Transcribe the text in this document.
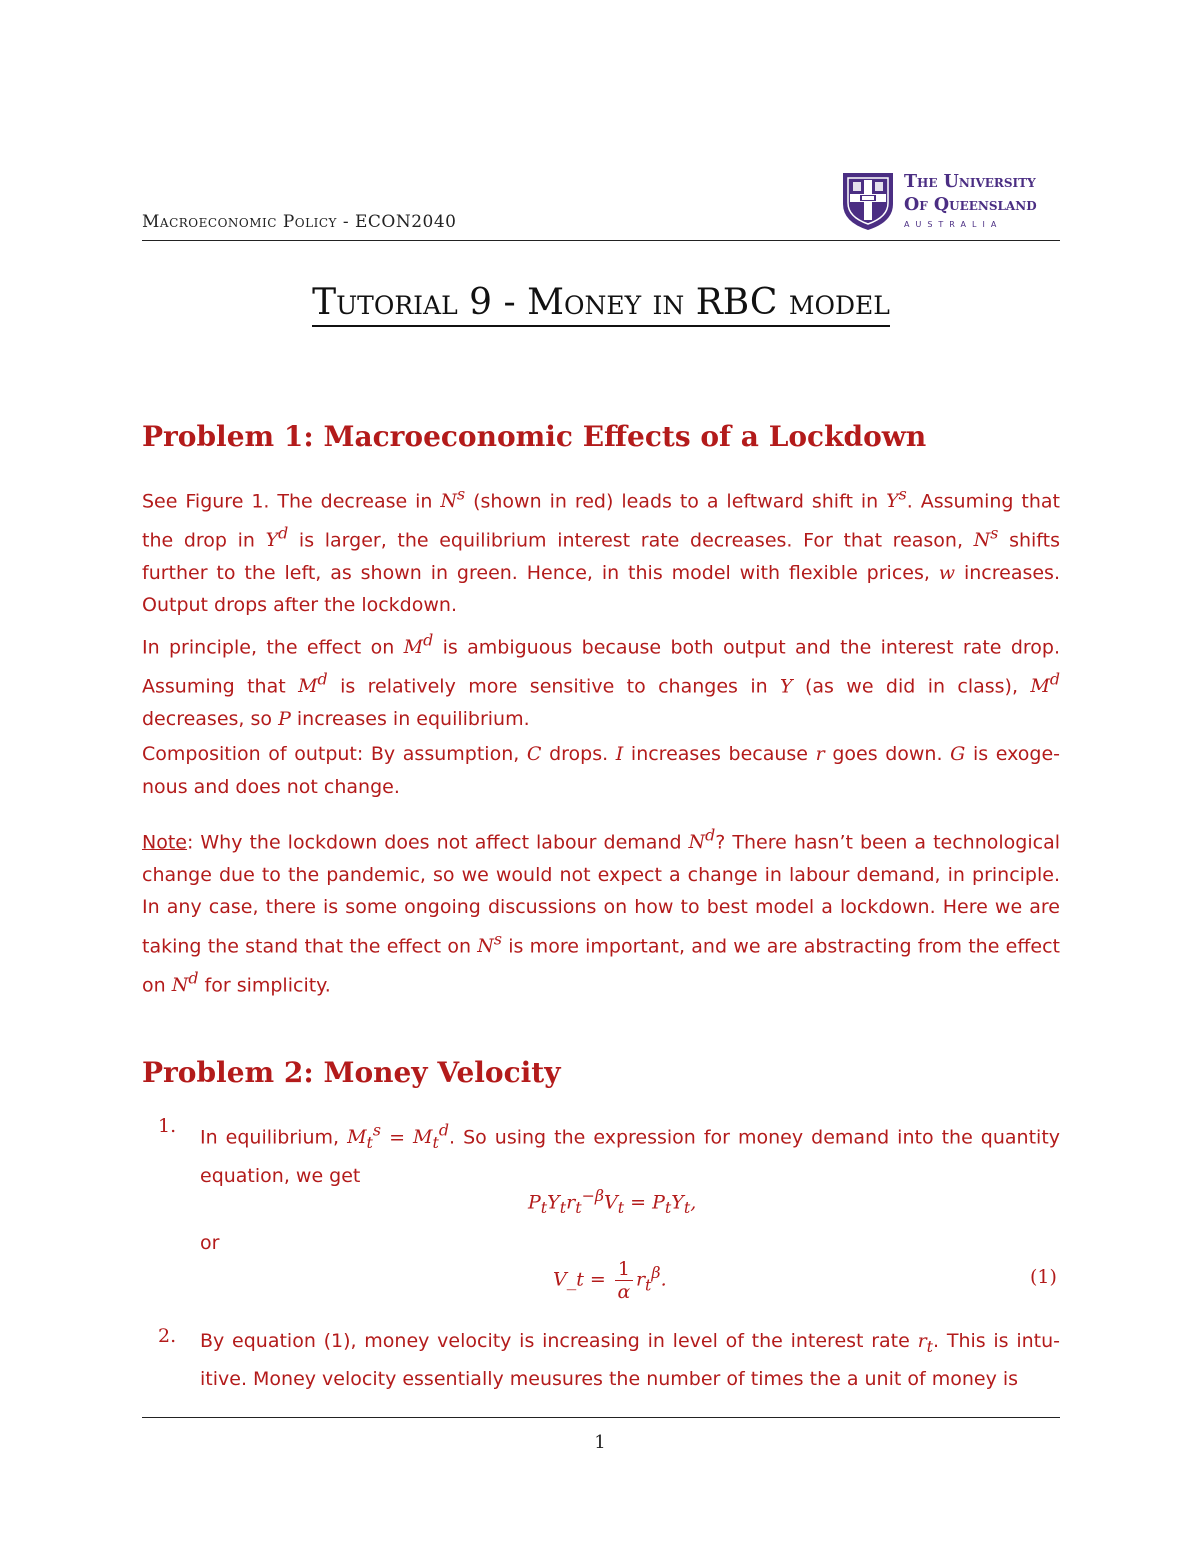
Macroeconomic Policy - ECON2040
The University
Of Queensland
AUSTRALIA
Tutorial 9 - Money in RBC model
Problem 1: Macroeconomic Effects of a Lockdown
See Figure 1. The decrease in $N^s$ (shown in red) leads to a leftward shift in $Y^s$. Assuming that the drop in $Y^d$ is larger, the equilibrium interest rate decreases. For that reason, $N^s$ shifts further to the left, as shown in green. Hence, in this model with flexible prices, w increases. Output drops after the lockdown.
In principle, the effect on $M^d$ is ambiguous because both output and the interest rate drop. Assuming that $M^d$ is relatively more sensitive to changes in Y (as we did in class), $M^d$ decreases, so P increases in equilibrium.
Composition of output: By assumption, C drops. I increases because r goes down. G is exoge-nous and does not change.
Note: Why the lockdown does not affect labour demand $N^d$? There hasn’t been a technological change due to the pandemic, so we would not expect a change in labour demand, in principle. In any case, there is some ongoing discussions on how to best model a lockdown. Here we are taking the stand that the effect on $N^s$ is more important, and we are abstracting from the effect on $N^d$ for simplicity.
Problem 2: Money Velocity
1.
In equilibrium, $M_t^s = M_t^d$. So using the expression for money demand into the quantity equation, we get
$P_tY_tr_t^{-\beta}V_t = P_tY_t$,
or
V_t = $\frac{1}{\alpha} r_t^\beta$.	(1)
2. By equation (1), money velocity is increasing in level of the interest rate $r_t$. This is intu-itive. Money velocity essentially meusures the number of times the a unit of money is
1
